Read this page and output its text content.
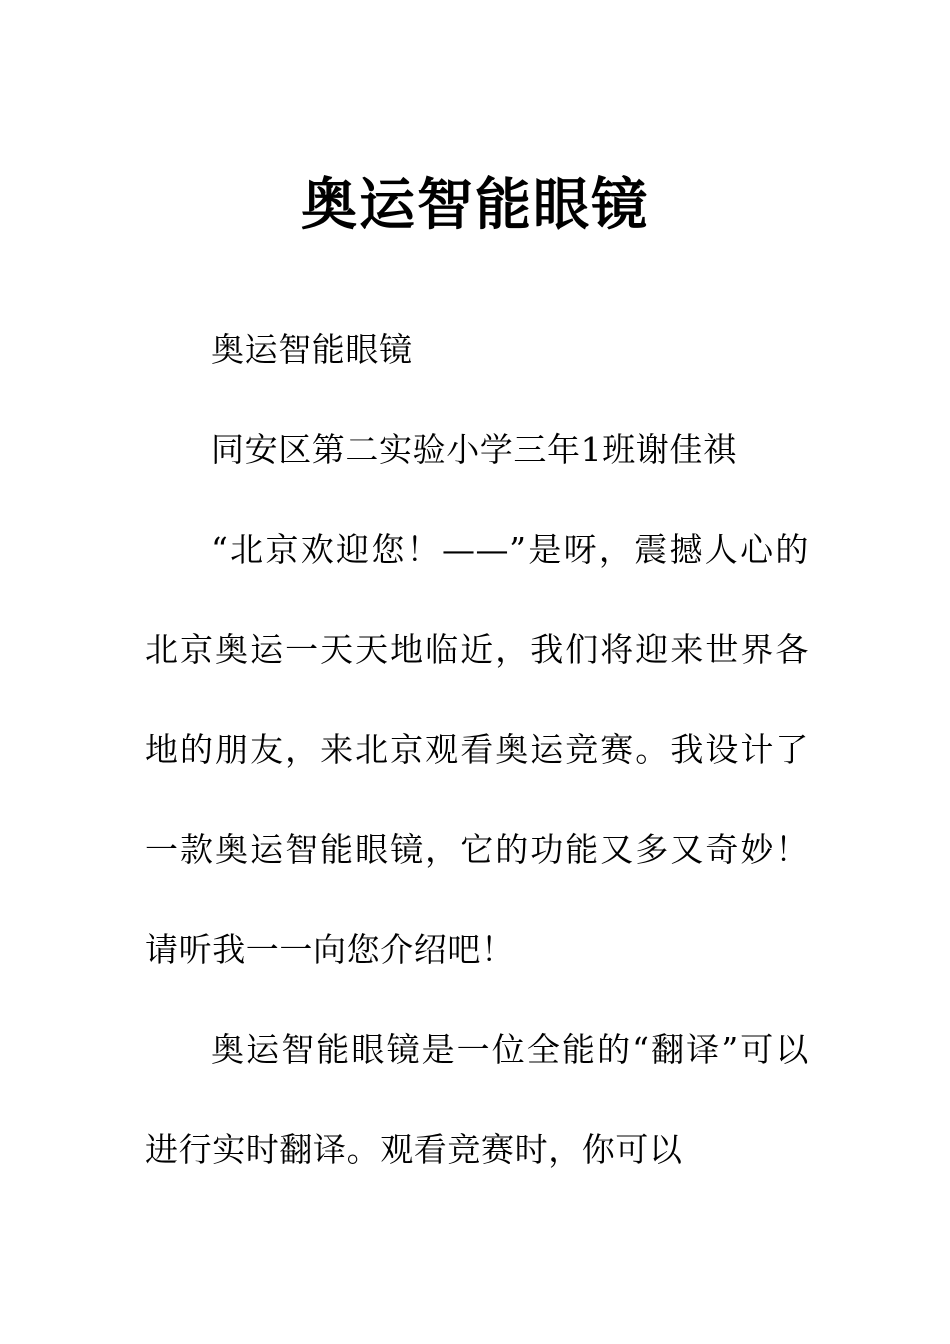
奥运智能眼镜

奥运智能眼镜

同安区第二实验小学三年1班谢佳祺

“北京欢迎您！——”是呀，震撼人心的北京奥运一天天地临近，我们将迎来世界各地的朋友，来北京观看奥运竞赛。我设计了一款奥运智能眼镜，它的功能又多又奇妙！请听我一一向您介绍吧！

奥运智能眼镜是一位全能的“翻译”可以进行实时翻译。观看竞赛时，你可以
